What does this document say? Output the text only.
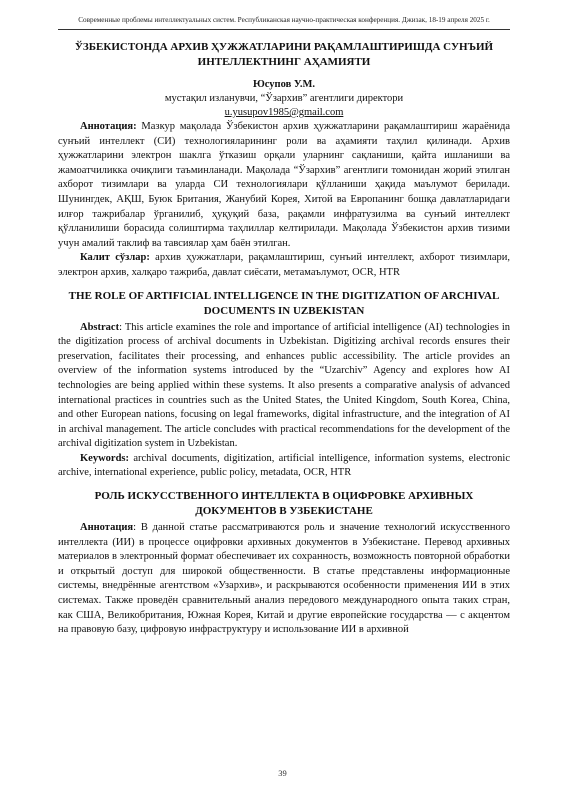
Современные проблемы интеллектуальных систем. Республиканская научно-практическая конференция. Джизак, 18-19 апреля 2025 г.
ЎЗБЕКИСТОНДА АРХИВ ҲУЖЖАТЛАРИНИ РАҚАМЛАШТИРИШДА СУНЪИЙ ИНТЕЛЛЕКТНИНГ АҲАМИЯТИ
Юсупов У.М.
мустақил изланувчи, “Ўзархив” агентлиги директори
u.yusupov1985@gmail.com

Аннотация: Мазкур мақолада Ўзбекистон архив ҳужжатларини рақамлаштириш жараёнида сунъий интеллект (СИ) технологияларининг роли ва аҳамияти таҳлил қилинади. Архив ҳужжатларини электрон шаклга ўтказиш орқали уларнинг сақланиши, қайта ишланиши ва жамоатчиликка очиқлиги таъминланади. Мақолада “Ўзархив” агентлиги томонидан жорий этилган ахборот тизимлари ва уларда СИ технологиялари қўлланиши ҳақида маълумот берилади. Шунингдек, АҚШ, Буюк Британия, Жанубий Корея, Хитой ва Европанинг бошқа давлатларидаги илғор тажрибалар ўрганилиб, ҳуқуқий база, рақамли инфратузилма ва сунъий интеллект қўлланилиши борасида солиштирма таҳлиллар келтирилади. Мақолада Ўзбекистон архив тизими учун амалий таклиф ва тавсиялар ҳам баён этилган.

Калит сўзлар: архив ҳужжатлари, рақамлаштириш, сунъий интеллект, ахборот тизимлари, электрон архив, халқаро тажриба, давлат сиёсати, метамаълумот, OCR, HTR

THE ROLE OF ARTIFICIAL INTELLIGENCE IN THE DIGITIZATION OF ARCHIVAL DOCUMENTS IN UZBEKISTAN

Abstract: This article examines the role and importance of artificial intelligence (AI) technologies in the digitization process of archival documents in Uzbekistan. Digitizing archival records ensures their preservation, facilitates their processing, and enhances public accessibility. The article provides an overview of the information systems introduced by the “Uzarchiv” Agency and explores how AI technologies are being applied within these systems. It also presents a comparative analysis of advanced international practices in countries such as the United States, the United Kingdom, South Korea, China, and other European nations, focusing on legal frameworks, digital infrastructure, and the integration of AI in archival management. The article concludes with practical recommendations for the development of the archival digitization system in Uzbekistan.

Keywords: archival documents, digitization, artificial intelligence, information systems, electronic archive, international experience, public policy, metadata, OCR, HTR

РОЛЬ ИСКУССТВЕННОГО ИНТЕЛЛЕКТА В ОЦИФРОВКЕ АРХИВНЫХ ДОКУМЕНТОВ В УЗБЕКИСТАНЕ

Аннотация: В данной статье рассматриваются роль и значение технологий искусственного интеллекта (ИИ) в процессе оцифровки архивных документов в Узбекистане. Перевод архивных материалов в электронный формат обеспечивает их сохранность, возможность повторной обработки и открытый доступ для широкой общественности. В статье представлены информационные системы, внедрённые агентством «Узархив», и раскрываются особенности применения ИИ в этих системах. Также проведён сравнительный анализ передового международного опыта таких стран, как США, Великобритания, Южная Корея, Китай и другие европейские государства — с акцентом на правовую базу, цифровую инфраструктуру и использование ИИ в архивной

39
